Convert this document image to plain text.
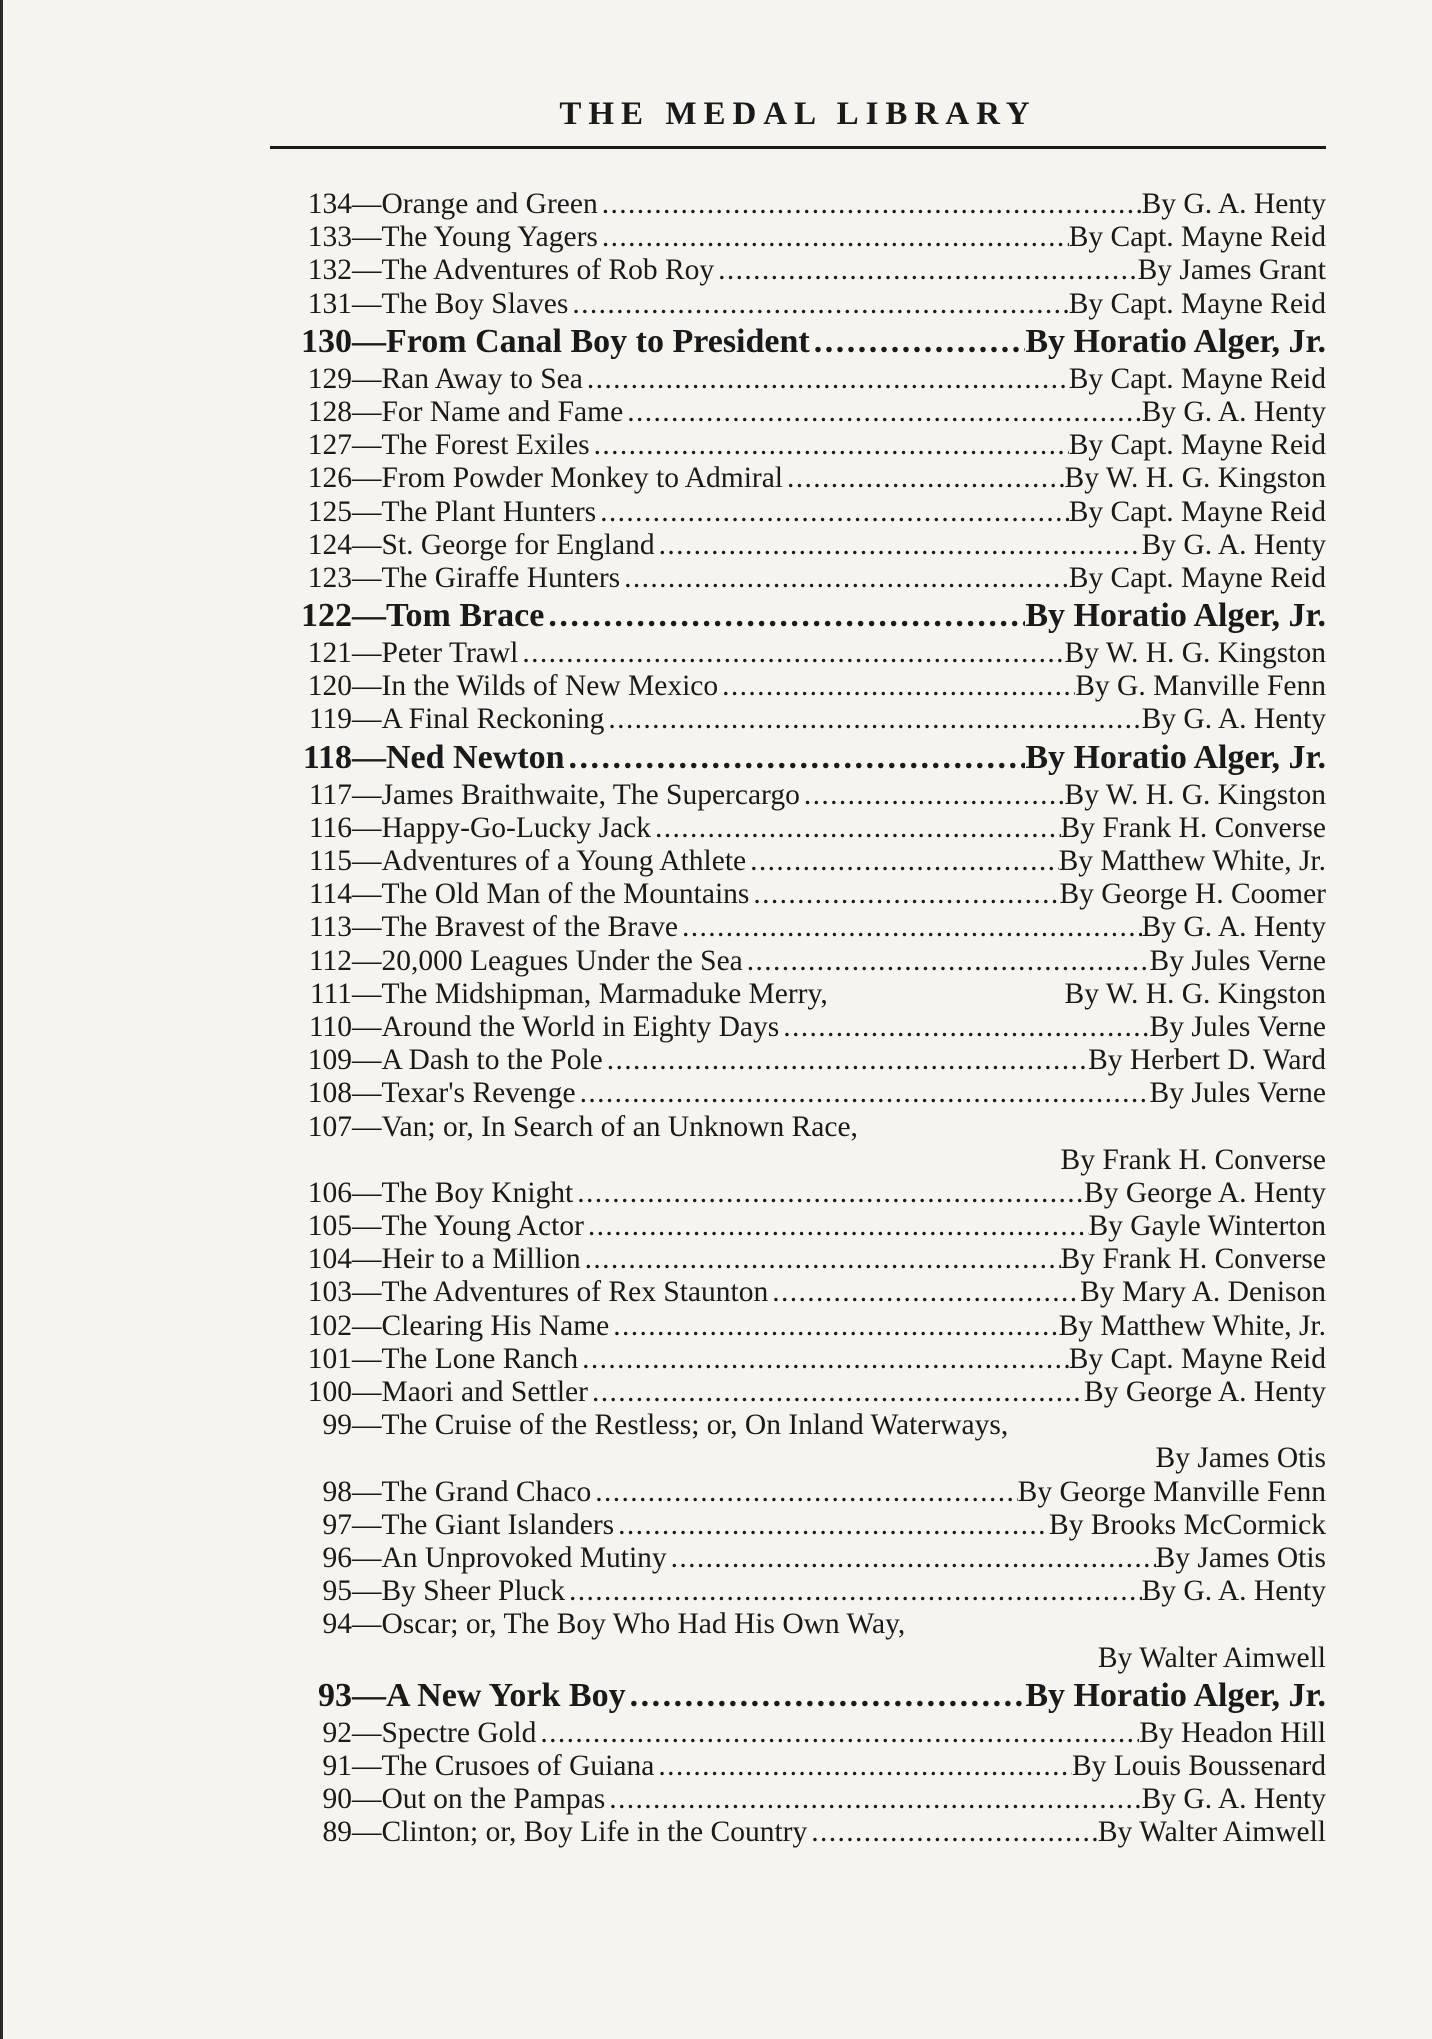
THE MEDAL LIBRARY
134 — Orange and Green . . .	By G. A. Henty
133 — The Young Yagers . . .	By Capt. Mayne Reid
132 — The Adventures of Rob Roy . . .	By James Grant
131 — The Boy Slaves . . .	By Capt. Mayne Reid
130 — From Canal Boy to President . . .	By Horatio Alger, Jr.
129 — Ran Away to Sea . . .	By Capt. Mayne Reid
128 — For Name and Fame . . .	By G. A. Henty
127 — The Forest Exiles . . .	By Capt. Mayne Reid
126 — From Powder Monkey to Admiral . . .	By W. H. G. Kingston
125 — The Plant Hunters . . .	By Capt. Mayne Reid
124 — St. George for England . . .	By G. A. Henty
123 — The Giraffe Hunters . . .	By Capt. Mayne Reid
122 — Tom Brace . . .	By Horatio Alger, Jr.
121 — Peter Trawl . . .	By W. H. G. Kingston
120 — In the Wilds of New Mexico . . .	By G. Manville Fenn
119 — A Final Reckoning . . .	By G. A. Henty
118 — Ned Newton . . .	By Horatio Alger, Jr.
117 — James Braithwaite, The Supercargo . . .	By W. H. G. Kingston
116 — Happy-Go-Lucky Jack . . .	By Frank H. Converse
115 — Adventures of a Young Athlete . . .	By Matthew White, Jr.
114 — The Old Man of the Mountains . . .	By George H. Coomer
113 — The Bravest of the Brave . . .	By G. A. Henty
112 — 20,000 Leagues Under the Sea . . .	By Jules Verne
111 — The Midshipman, Marmaduke Merry,	By W. H. G. Kingston
110 — Around the World in Eighty Days . . .	By Jules Verne
109 — A Dash to the Pole . . .	By Herbert D. Ward
108 — Texar's Revenge . . .	By Jules Verne
107 — Van; or, In Search of an Unknown Race,
By Frank H. Converse
106 — The Boy Knight . . .	By George A. Henty
105 — The Young Actor . . .	By Gayle Winterton
104 — Heir to a Million . . .	By Frank H. Converse
103 — The Adventures of Rex Staunton . . .	By Mary A. Denison
102 — Clearing His Name . . .	By Matthew White, Jr.
101 — The Lone Ranch . . .	By Capt. Mayne Reid
100 — Maori and Settler . . .	By George A. Henty
99 — The Cruise of the Restless; or, On Inland Waterways,
By James Otis
98 — The Grand Chaco . . .	By George Manville Fenn
97 — The Giant Islanders . . .	By Brooks McCormick
96 — An Unprovoked Mutiny . . .	By James Otis
95 — By Sheer Pluck . . .	By G. A. Henty
94 — Oscar; or, The Boy Who Had His Own Way,
By Walter Aimwell
93 — A New York Boy . . .	By Horatio Alger, Jr.
92 — Spectre Gold . . .	By Headon Hill
91 — The Crusoes of Guiana . . .	By Louis Boussenard
90 — Out on the Pampas . . .	By G. A. Henty
89 — Clinton; or, Boy Life in the Country . . .	By Walter Aimwell
